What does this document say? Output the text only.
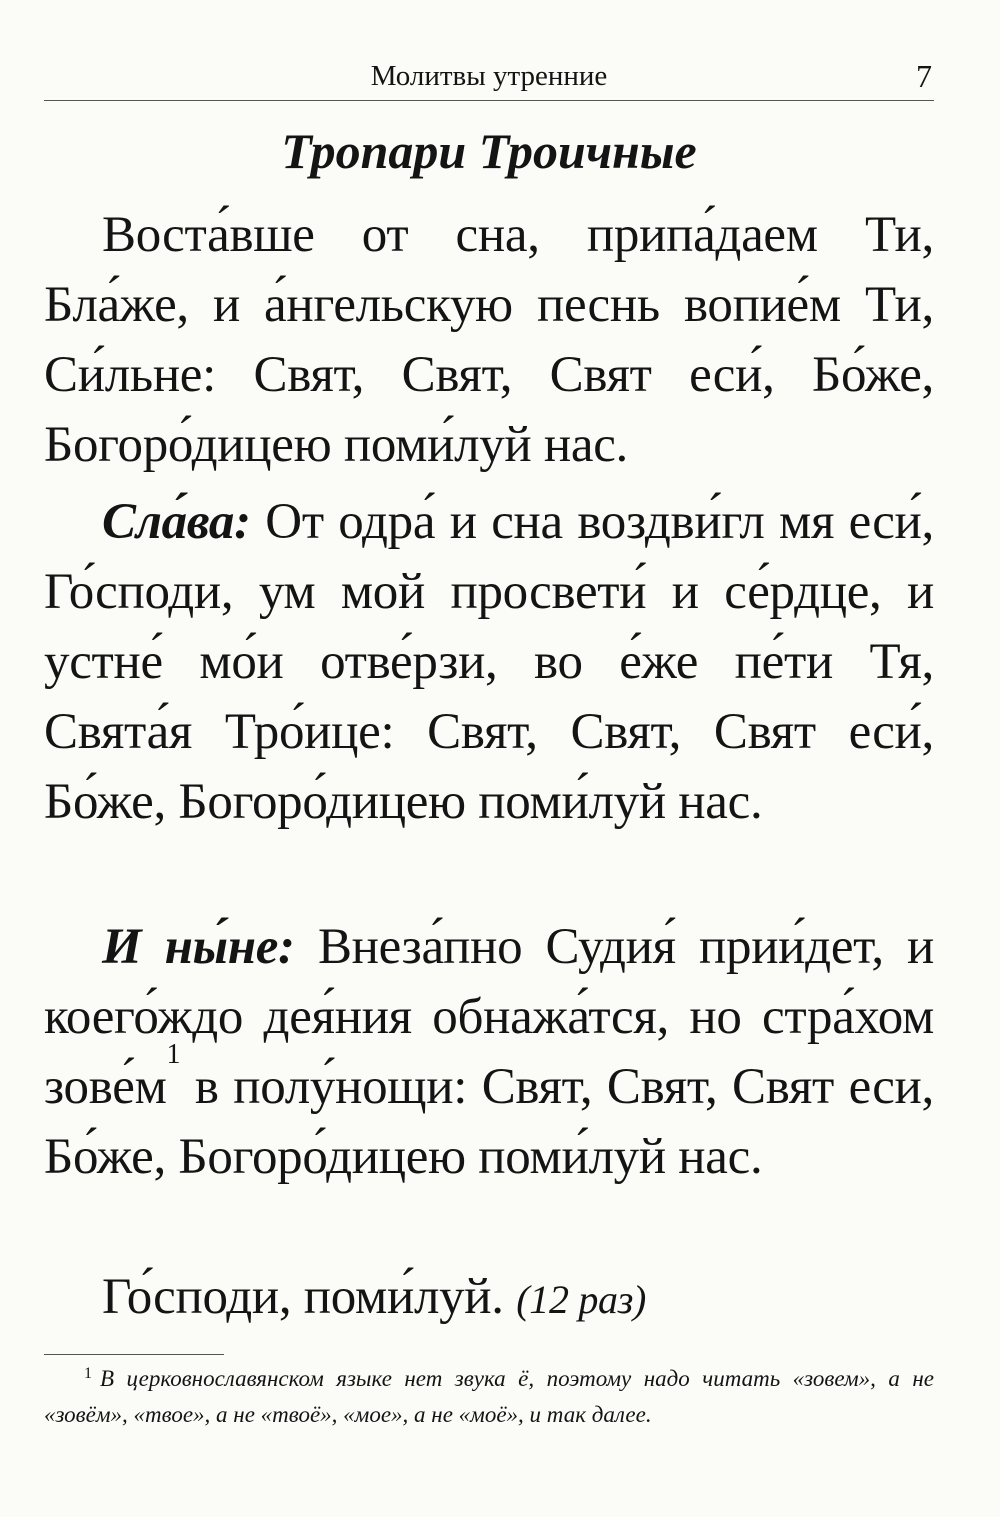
Молитвы утренние	7
Тропари Троичные

Воста́вше от сна, припа́даем Ти, Бла́же, и а́нгельскую песнь вопие́м Ти, Си́льне: Свят, Свят, Свят еси́, Бо́же, Богоро́дицею поми́луй нас.

Сла́ва: От одра́ и сна воздви́гл мя еси́, Го́споди, ум мой просвети́ и се́рдце, и устне́ мо́и отве́рзи, во е́же пе́ти Тя, Свята́я Тро́ице: Свят, Свят, Свят еси́, Бо́же, Богоро́дицею поми́луй нас.

И ны́не: Внеза́пно Судия́ прии́дет, и коего́ждо дея́ния обнажа́тся, но стра́хом зове́м$^1$ в полу́нощи: Свят, Свят, Свят еси, Бо́же, Богоро́дицею поми́луй нас.

Го́споди, поми́луй. (12 раз)

$^1$ В церковнославянском языке нет звука ё, поэтому надо читать «зовем», а не «зовём», «твое», а не «твоё», «мое», а не «моё», и так далее.
